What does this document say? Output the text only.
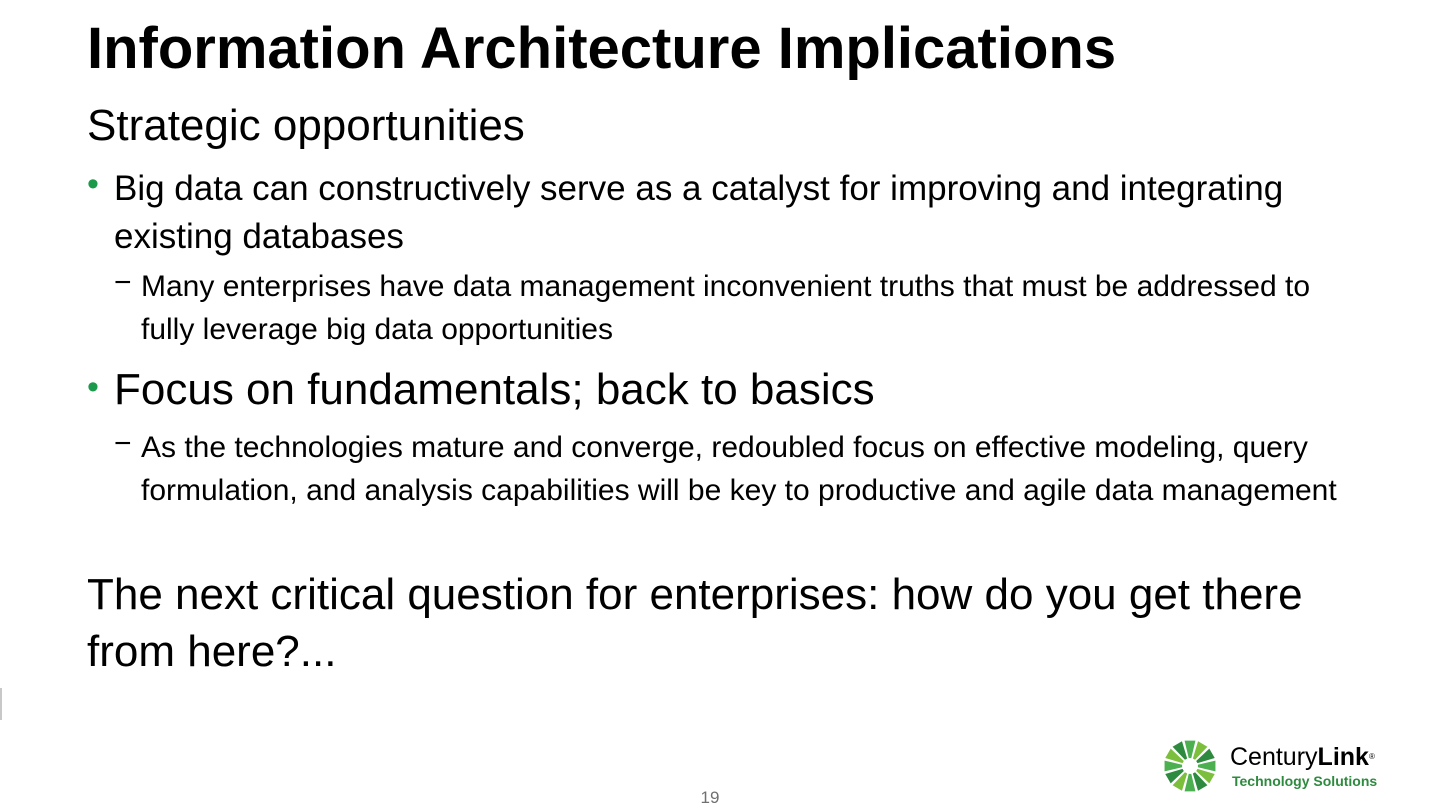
Information Architecture Implications

Strategic opportunities

• Big data can constructively serve as a catalyst for improving and integrating existing databases
− Many enterprises have data management inconvenient truths that must be addressed to fully leverage big data opportunities
• Focus on fundamentals; back to basics
− As the technologies mature and converge, redoubled focus on effective modeling, query formulation, and analysis capabilities will be key to productive and agile data management

The next critical question for enterprises: how do you get there from here?...

19
CenturyLink®
Technology Solutions
